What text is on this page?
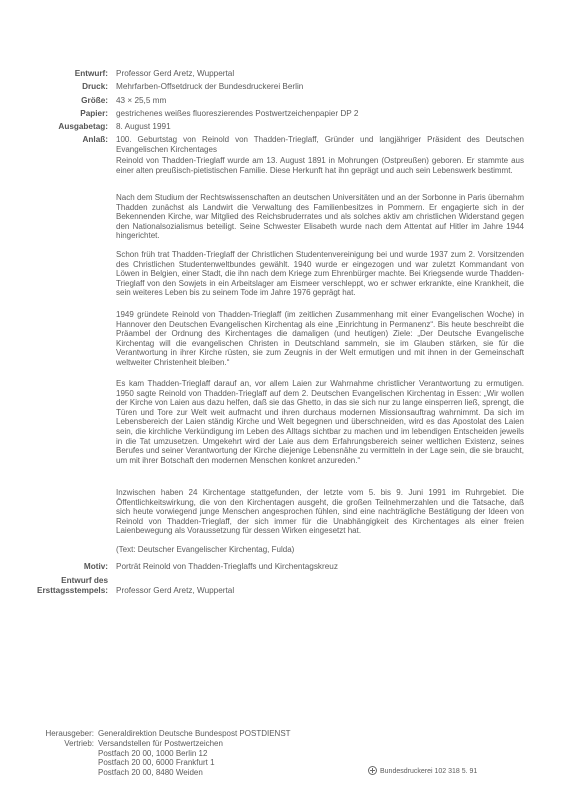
Entwurf: Professor Gerd Aretz, Wuppertal
Druck: Mehrfarben-Offsetdruck der Bundesdruckerei Berlin
Größe: 43 × 25,5 mm
Papier: gestrichenes weißes fluoreszierendes Postwertzeichenpapier DP 2
Ausgabetag: 8. August 1991
Anlaß: 100. Geburtstag von Reinold von Thadden-Trieglaff, Gründer und langjähriger Präsident des Deutschen Evangelischen Kirchentages
Reinold von Thadden-Trieglaff wurde am 13. August 1891 in Mohrungen (Ostpreußen) geboren. Er stammte aus einer alten preußisch-pietistischen Familie. Diese Herkunft hat ihn geprägt und auch sein Lebenswerk bestimmt.
Nach dem Studium der Rechtswissenschaften an deutschen Universitäten und an der Sorbonne in Paris übernahm Thadden zunächst als Landwirt die Verwaltung des Familienbesitzes in Pommern. Er engagierte sich in der Bekennenden Kirche, war Mitglied des Reichsbruderrates und als solches aktiv am christlichen Widerstand gegen den Nationalsozialismus beteiligt. Seine Schwester Elisabeth wurde nach dem Attentat auf Hitler im Jahre 1944 hingerichtet.
Schon früh trat Thadden-Trieglaff der Christlichen Studentenvereinigung bei und wurde 1937 zum 2. Vorsitzenden des Christlichen Studentenweltbundes gewählt. 1940 wurde er eingezogen und war zuletzt Kommandant von Löwen in Belgien, einer Stadt, die ihn nach dem Kriege zum Ehrenbürger machte. Bei Kriegsende wurde Thadden-Trieglaff von den Sowjets in ein Arbeitslager am Eismeer verschleppt, wo er schwer erkrankte, eine Krankheit, die sein weiteres Leben bis zu seinem Tode im Jahre 1976 geprägt hat.
1949 gründete Reinold von Thadden-Trieglaff (im zeitlichen Zusammenhang mit einer Evangelischen Woche) in Hannover den Deutschen Evangelischen Kirchentag als eine „Einrichtung in Permanenz“. Bis heute beschreibt die Präambel der Ordnung des Kirchentages die damaligen (und heutigen) Ziele: „Der Deutsche Evangelische Kirchentag will die evangelischen Christen in Deutschland sammeln, sie im Glauben stärken, sie für die Verantwortung in ihrer Kirche rüsten, sie zum Zeugnis in der Welt ermutigen und mit ihnen in der Gemeinschaft weltweiter Christenheit bleiben.“
Es kam Thadden-Trieglaff darauf an, vor allem Laien zur Wahrnahme christlicher Verantwortung zu ermutigen. 1950 sagte Reinold von Thadden-Trieglaff auf dem 2. Deutschen Evangelischen Kirchentag in Essen: „Wir wollen der Kirche von Laien aus dazu helfen, daß sie das Ghetto, in das sie sich nur zu lange einsperren ließ, sprengt, die Türen und Tore zur Welt weit aufmacht und ihren durchaus modernen Missionsauftrag wahrnimmt. Da sich im Lebensbereich der Laien ständig Kirche und Welt begegnen und überschneiden, wird es das Apostolat des Laien sein, die kirchliche Verkündigung im Leben des Alltags sichtbar zu machen und im lebendigen Entscheiden jeweils in die Tat umzusetzen. Umgekehrt wird der Laie aus dem Erfahrungsbereich seiner weltlichen Existenz, seines Berufes und seiner Verantwortung der Kirche diejenige Lebensnähe zu vermitteln in der Lage sein, die sie braucht, um mit ihrer Botschaft den modernen Menschen konkret anzureden.“
Inzwischen haben 24 Kirchentage stattgefunden, der letzte vom 5. bis 9. Juni 1991 im Ruhrgebiet. Die Öffentlichkeitswirkung, die von den Kirchentagen ausgeht, die großen Teilnehmerzahlen und die Tatsache, daß sich heute vorwiegend junge Menschen angesprochen fühlen, sind eine nachträgliche Bestätigung der Ideen von Reinold von Thadden-Trieglaff, der sich immer für die Unabhängigkeit des Kirchentages als einer freien Laienbewegung als Voraussetzung für dessen Wirken eingesetzt hat.
(Text: Deutscher Evangelischer Kirchentag, Fulda)
Motiv: Porträt Reinold von Thadden-Trieglaffs und Kirchentagskreuz
Entwurf des
Ersttagsstempels: Professor Gerd Aretz, Wuppertal
Herausgeber: Generaldirektion Deutsche Bundespost POSTDIENST
Vertrieb: Versandstellen für Postwertzeichen
Postfach 20 00, 1000 Berlin 12
Postfach 20 00, 6000 Frankfurt 1
Postfach 20 00, 8480 Weiden	Bundesdruckerei 102 318 5. 91
